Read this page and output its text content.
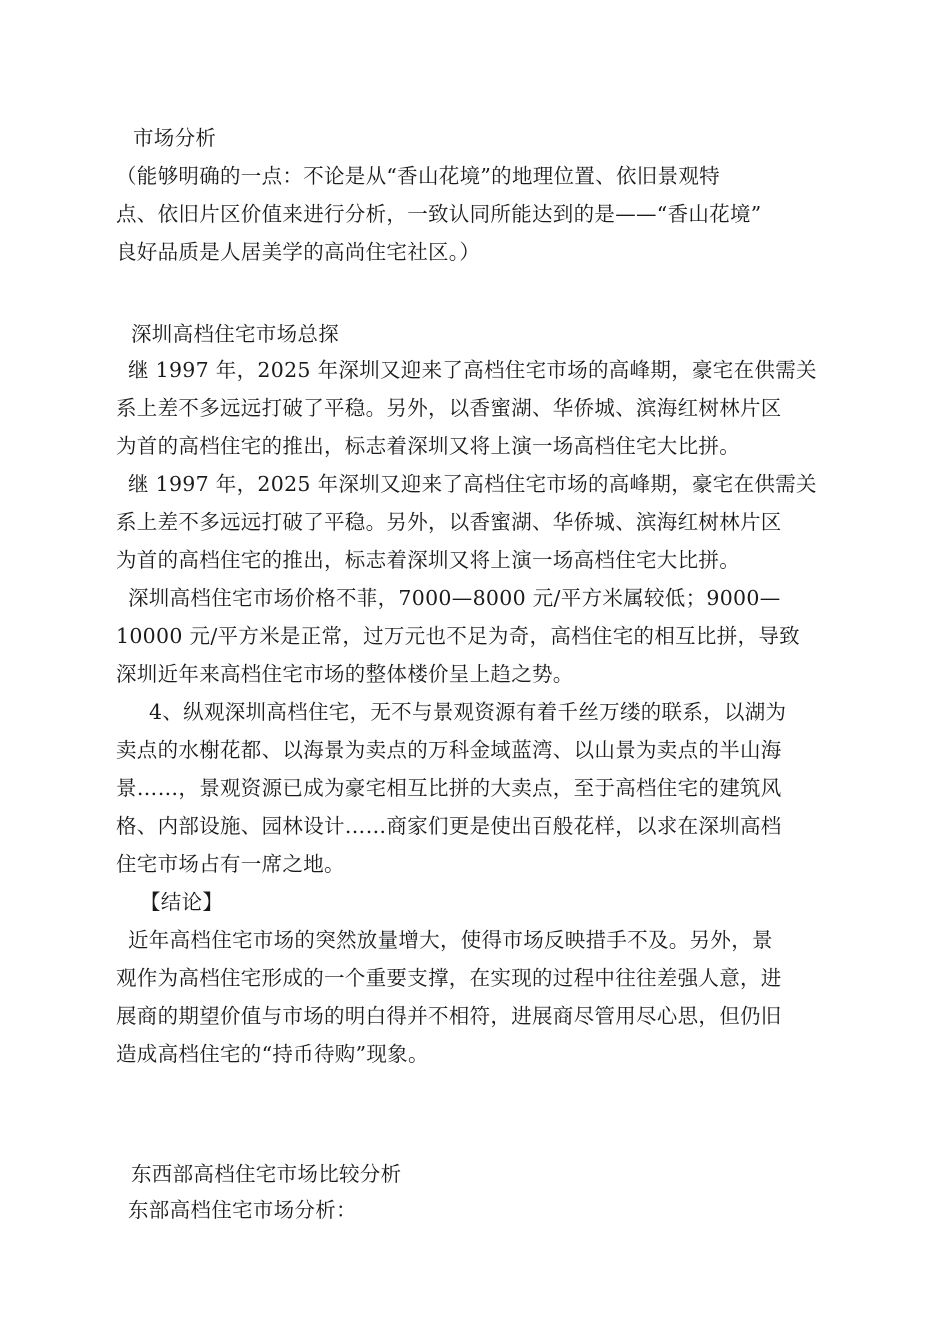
市场分析
（能够明确的一点：不论是从“香山花境”的地理位置、依旧景观特
点、依旧片区价值来进行分析，一致认同所能达到的是——“香山花境”
良好品质是人居美学的高尚住宅社区。）
深圳高档住宅市场总探
继 1997 年，2025 年深圳又迎来了高档住宅市场的高峰期，豪宅在供需关
系上差不多远远打破了平稳。另外，以香蜜湖、华侨城、滨海红树林片区
为首的高档住宅的推出，标志着深圳又将上演一场高档住宅大比拼。
继 1997 年，2025 年深圳又迎来了高档住宅市场的高峰期，豪宅在供需关
系上差不多远远打破了平稳。另外，以香蜜湖、华侨城、滨海红树林片区
为首的高档住宅的推出，标志着深圳又将上演一场高档住宅大比拼。
深圳高档住宅市场价格不菲，7000—8000 元/平方米属较低；9000—
10000 元/平方米是正常，过万元也不足为奇，高档住宅的相互比拼，导致
深圳近年来高档住宅市场的整体楼价呈上趋之势。
4、纵观深圳高档住宅，无不与景观资源有着千丝万缕的联系，以湖为
卖点的水榭花都、以海景为卖点的万科金域蓝湾、以山景为卖点的半山海
景……，景观资源已成为豪宅相互比拼的大卖点，至于高档住宅的建筑风
格、内部设施、园林设计……商家们更是使出百般花样，以求在深圳高档
住宅市场占有一席之地。
【结论】
近年高档住宅市场的突然放量增大，使得市场反映措手不及。另外，景
观作为高档住宅形成的一个重要支撑，在实现的过程中往往差强人意，进
展商的期望价值与市场的明白得并不相符，进展商尽管用尽心思，但仍旧
造成高档住宅的“持币待购”现象。
东西部高档住宅市场比较分析
东部高档住宅市场分析：
